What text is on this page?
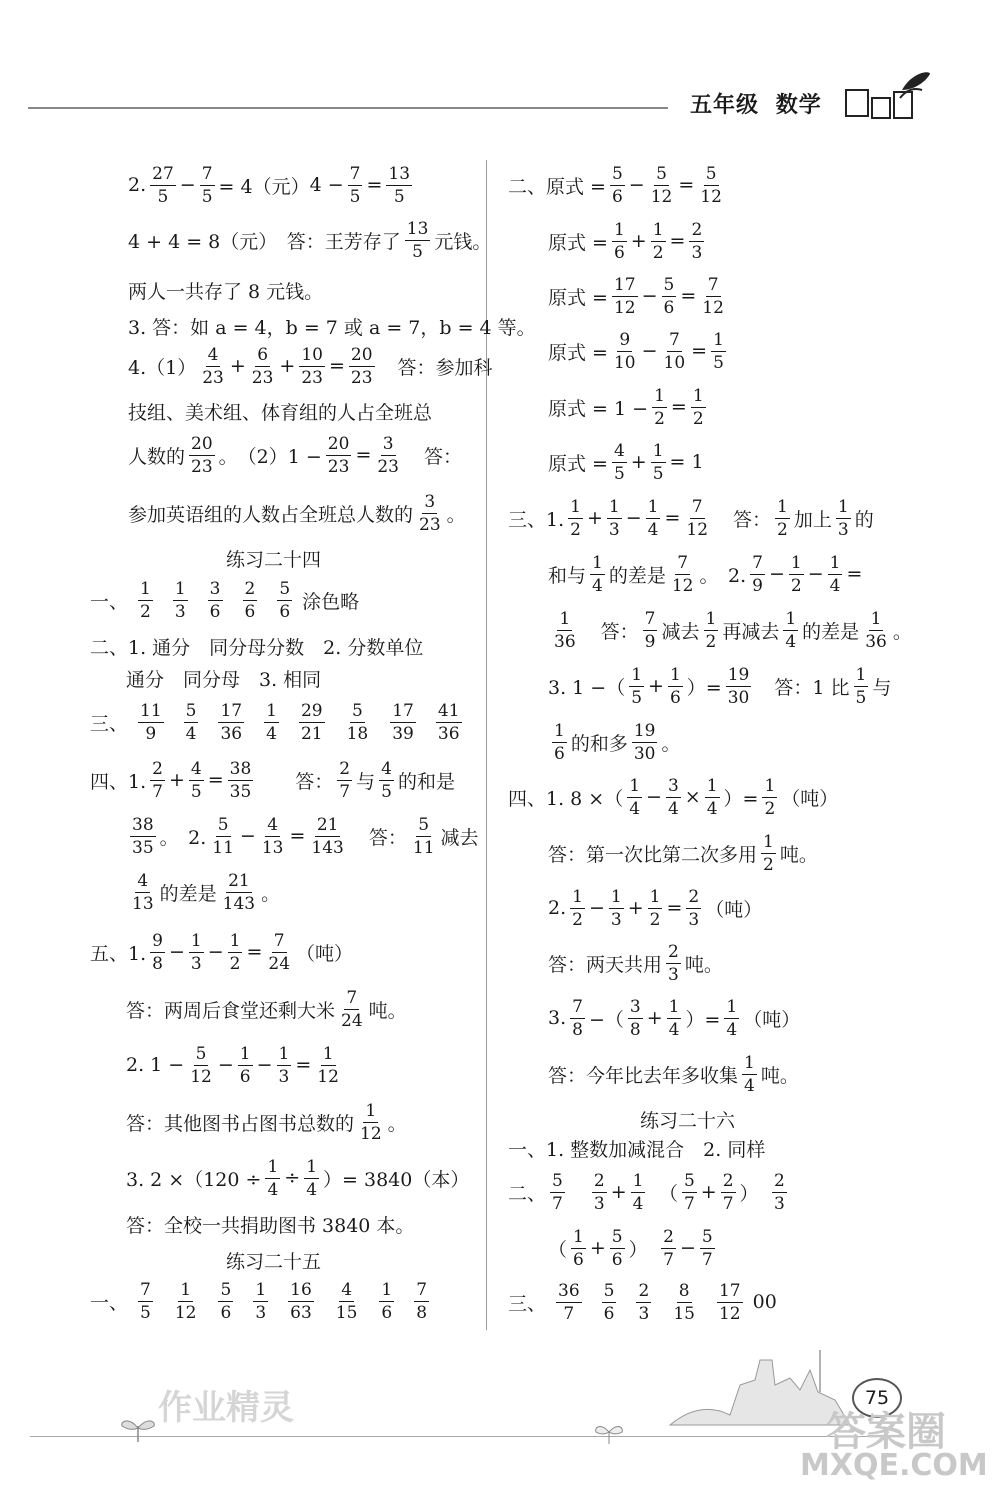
五年级 数学
2. $\frac{27}{5} - \frac{7}{5} = 4$（元） $4 - \frac{7}{5} = \frac{13}{5}$
4 + 4 = 8（元）　答：王芳存了 $\frac{13}{5}$ 元钱。
两人一共存了 8 元钱。
3. 答：如 a = 4，b = 7 或 a = 7，b = 4 等。
$4.(1) \frac{4}{23} + \frac{6}{23} + \frac{10}{23} = \frac{20}{23}$ 　答：参加科
技组、美术组、体育组的人占全班总
人数的 $\frac{20}{23}$ 。　$(2)1 - \frac{20}{23} = \frac{3}{23}$ 　答：
参加英语组的人数占全班总人数的 $\frac{3}{23}$ 。
练习二十四
一、 $\frac{1}{2} \frac{1}{3} \frac{3}{6} \frac{2}{6} \frac{5}{6}$ 涂色略
二、1. 通分　同分母分数　2. 分数单位
通分　同分母　3. 相同
三、 $\frac{11}{9} \frac{5}{4} \frac{17}{36} \frac{1}{4} \frac{29}{21} \frac{5}{18} \frac{17}{39} \frac{41}{36}$
四、1. $\frac{2}{7} + \frac{4}{5} = \frac{38}{35}$ 　　答： $\frac{2}{7}$ 与 $\frac{4}{5}$ 的和是
$\frac{38}{35}$ 。　2. $\frac{5}{11} - \frac{4}{13} = \frac{21}{143}$ 　答： $\frac{5}{11}$ 减去
$\frac{4}{13}$ 的差是 $\frac{21}{143}$ 。
五、1. $\frac{9}{8} - \frac{1}{3} - \frac{1}{2} = \frac{7}{24}$ （吨）
答：两周后食堂还剩大米 $\frac{7}{24}$ 吨。
2. $1 - \frac{5}{12} - \frac{1}{6} - \frac{1}{3} = \frac{1}{12}$
答：其他图书占图书总数的 $\frac{1}{12}$ 。
3. $2 \times(120 \div \frac{1}{4} \div \frac{1}{4}$ ）= 3840（本）
答：全校一共捐助图书 3840 本。
练习二十五
一、 $\frac{7}{5} \frac{1}{12} \frac{5}{6} \frac{1}{3} \frac{16}{63} \frac{4}{15} \frac{1}{6} \frac{7}{8}$
二、原式 = $\frac{5}{6} - \frac{5}{12} = \frac{5}{12}$
原式 = $\frac{1}{6} + \frac{1}{2} = \frac{2}{3}$
原式 = $\frac{17}{12} - \frac{5}{6} = \frac{7}{12}$
原式 = $\frac{9}{10} - \frac{7}{10} = \frac{1}{5}$
原式 = $1 - \frac{1}{2} = \frac{1}{2}$
原式 = $\frac{4}{5} + \frac{1}{5} = 1$
三、1. $\frac{1}{2} + \frac{1}{3} - \frac{1}{4} = \frac{7}{12}$ 　答： $\frac{1}{2}$ 加上 $\frac{1}{3}$ 的
和与 $\frac{1}{4}$ 的差是 $\frac{7}{12}$ 。　2. $\frac{7}{9} - \frac{1}{2} - \frac{1}{4}$ =
$\frac{1}{36}$ 　答： $\frac{7}{9}$ 减去 $\frac{1}{2}$ 再减去 $\frac{1}{4}$ 的差是 $\frac{1}{36}$ 。
3. 1 −（ $\frac{1}{5} + \frac{1}{6}$ ）= $\frac{19}{30}$ 　答：1 比 $\frac{1}{5}$ 与
$\frac{1}{6}$ 的和多 $\frac{19}{30}$ 。
四、1. 8 ×（ $\frac{1}{4} - \frac{3}{4} \times \frac{1}{4}$ ）= $\frac{1}{2}$ （吨）
答：第一次比第二次多用 $\frac{1}{2}$ 吨。
2. $\frac{1}{2} - \frac{1}{3} + \frac{1}{2} = \frac{2}{3}$ （吨）
答：两天共用 $\frac{2}{3}$ 吨。
3. $\frac{7}{8}$ −（ $\frac{3}{8} + \frac{1}{4}$ ）= $\frac{1}{4}$ （吨）
答：今年比去年多收集 $\frac{1}{4}$ 吨。
练习二十六
一、1. 整数加减混合　2. 同样
二、 $\frac{5}{7}$
　 $\frac{2}{3} + \frac{1}{4}$ 　（ $\frac{5}{7} + \frac{2}{7}$ ）　 $\frac{2}{3}$
（ $\frac{1}{6} + \frac{5}{6}$ ）　 $\frac{2}{7} - \frac{5}{7}$
三、 $\frac{36}{7} \frac{5}{6} \frac{2}{3} \frac{8}{15} \frac{17}{12} 0$ 0
75
作业精灵
答案圈
MXQE.COM
